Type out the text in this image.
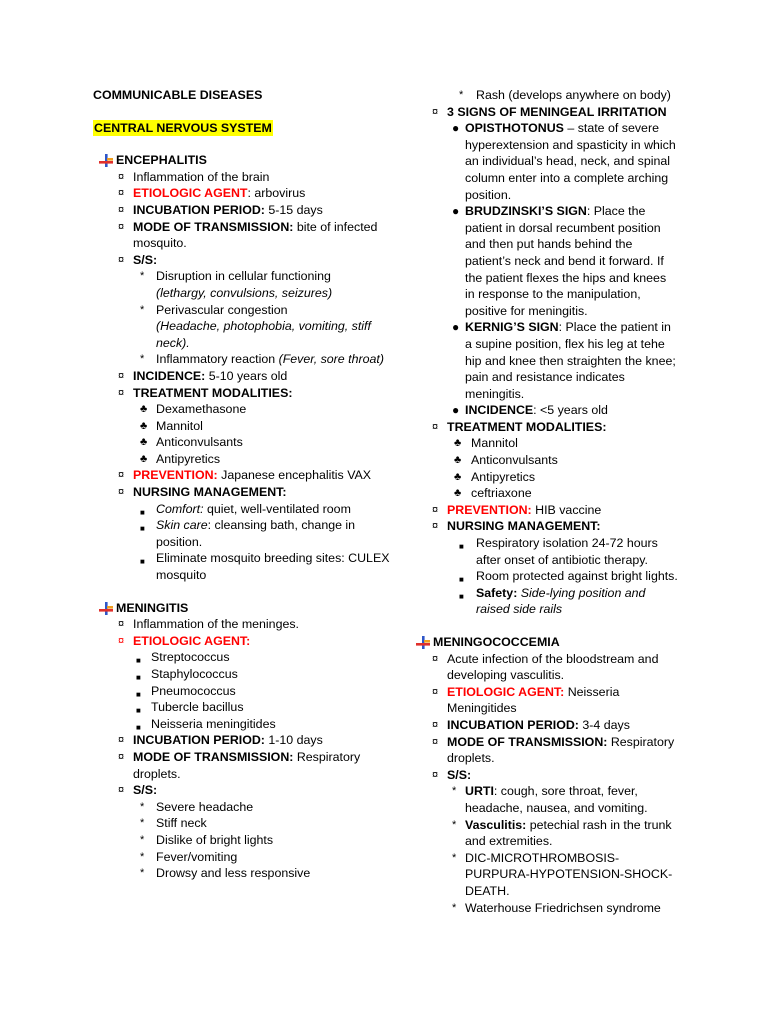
COMMUNICABLE DISEASES
CENTRAL NERVOUS SYSTEM
ENCEPHALITIS
¤ Inflammation of the brain
¤ ETIOLOGIC AGENT: arbovirus
¤ INCUBATION PERIOD: 5-15 days
¤ MODE OF TRANSMISSION: bite of infected mosquito.
¤ S/S:
* Disruption in cellular functioning
(lethargy, convulsions, seizures)
* Perivascular congestion
(Headache, photophobia, vomiting, stiff neck).
* Inflammatory reaction (Fever, sore throat)
¤ INCIDENCE: 5-10 years old
¤ TREATMENT MODALITIES:
♣ Dexamethasone
♣ Mannitol
♣ Anticonvulsants
♣ Antipyretics
¤ PREVENTION: Japanese encephalitis VAX
¤ NURSING MANAGEMENT:
■ Comfort: quiet, well-ventilated room
■ Skin care: cleansing bath, change in position.
■ Eliminate mosquito breeding sites: CULEX mosquito
MENINGITIS
¤ Inflammation of the meninges.
¤ ETIOLOGIC AGENT:
■ Streptococcus
■ Staphylococcus
■ Pneumococcus
■ Tubercle bacillus
■ Neisseria meningitides
¤ INCUBATION PERIOD: 1-10 days
¤ MODE OF TRANSMISSION: Respiratory droplets.
¤ S/S:
* Severe headache
* Stiff neck
* Dislike of bright lights
* Fever/vomiting
* Drowsy and less responsive
* Rash (develops anywhere on body)
¤ 3 SIGNS OF MENINGEAL IRRITATION
● OPISTHOTONUS – state of severe hyperextension and spasticity in which an individual’s head, neck, and spinal column enter into a complete arching position.
● BRUDZINSKI’S SIGN: Place the patient in dorsal recumbent position and then put hands behind the patient’s neck and bend it forward. If the patient flexes the hips and knees in response to the manipulation, positive for meningitis.
● KERNIG’S SIGN: Place the patient in a supine position, flex his leg at tehe hip and knee then straighten the knee; pain and resistance indicates meningitis.
● INCIDENCE: <5 years old
¤ TREATMENT MODALITIES:
♣ Mannitol
♣ Anticonvulsants
♣ Antipyretics
♣ ceftriaxone
¤ PREVENTION: HIB vaccine
¤ NURSING MANAGEMENT:
■ Respiratory isolation 24-72 hours after onset of antibiotic therapy.
■ Room protected against bright lights.
■ Safety: Side-lying position and raised side rails
MENINGOCOCCEMIA
¤ Acute infection of the bloodstream and developing vasculitis.
¤ ETIOLOGIC AGENT: Neisseria Meningitides
¤ INCUBATION PERIOD: 3-4 days
¤ MODE OF TRANSMISSION: Respiratory droplets.
¤ S/S:
* URTI: cough, sore throat, fever, headache, nausea, and vomiting.
* Vasculitis: petechial rash in the trunk and extremities.
* DIC-MICROTHROMBOSIS-PURPURA-HYPOTENSION-SHOCK-DEATH.
* Waterhouse Friedrichsen syndrome
